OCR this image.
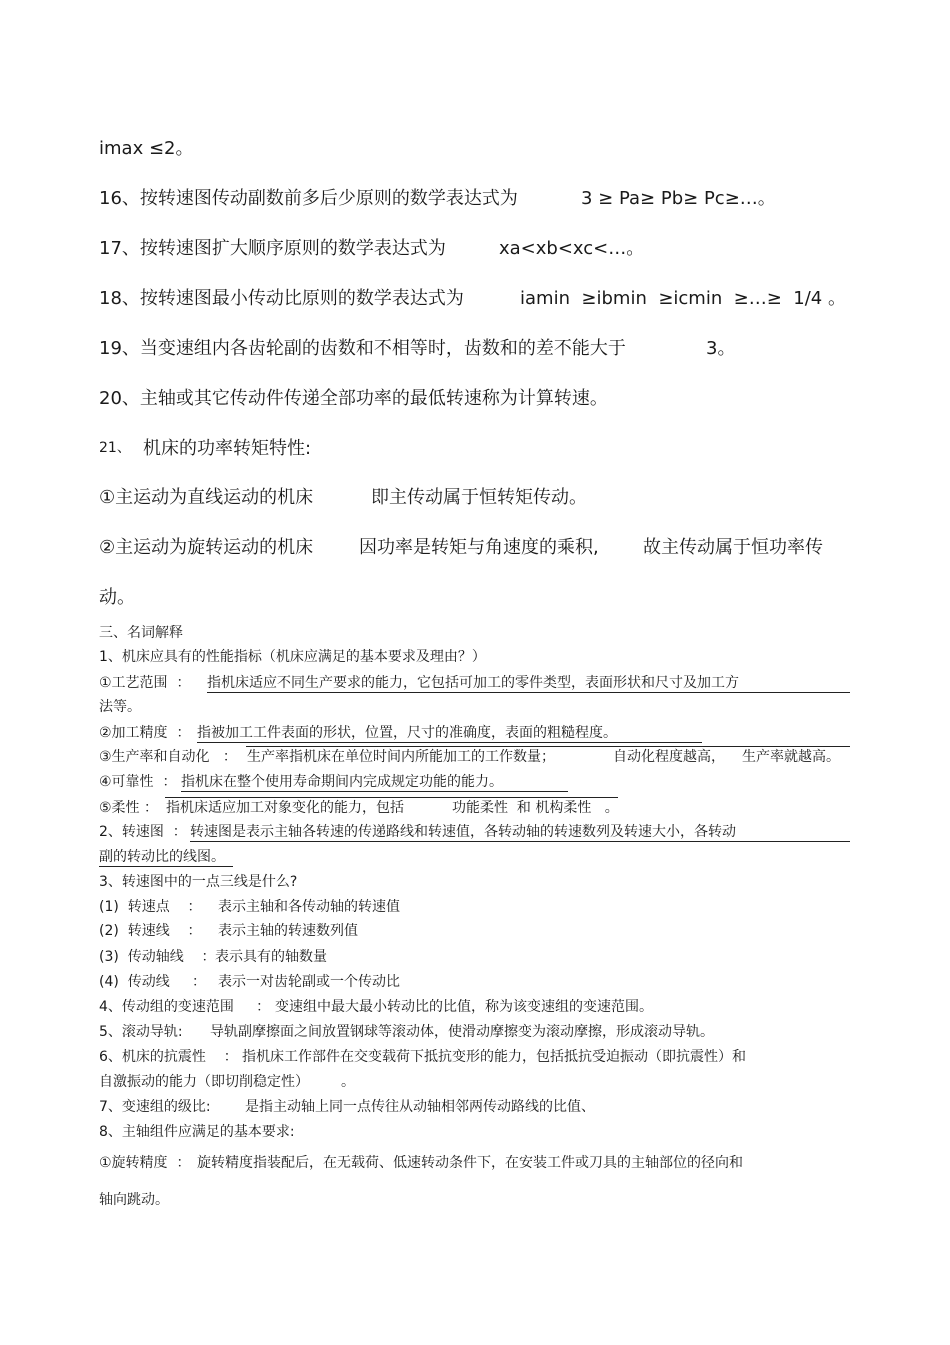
imax ≤2。
16、按转速图传动副数前多后少原则的数学表达式为	3 ≥ Pa≥ Pb≥ Pc≥…。
17、按转速图扩大顺序原则的数学表达式为	xa<xb<xc<…。
18、按转速图最小传动比原则的数学表达式为	iamin  ≥ibmin  ≥icmin  ≥…≥  1/4 。
19、当变速组内各齿轮副的齿数和不相等时，齿数和的差不能大于	3。
20、主轴或其它传动件传递全部功率的最低转速称为计算转速。
21、 机床的功率转矩特性:
①主运动为直线运动的机床	即主传动属于恒转矩传动。
②主运动为旋转运动的机床	因功率是转矩与角速度的乘积, 故主传动属于恒功率传
动。
三、名词解释
1、机床应具有的性能指标（机床应满足的基本要求及理由？）
①工艺范围  ： 指机床适应不同生产要求的能力，它包括可加工的零件类型，表面形状和尺寸及加工方
法等。
②加工精度  ： 指被加工工件表面的形状，位置，尺寸的准确度，表面的粗糙程度。
③生产率和自动化   ： 生产率指机床在单位时间内所能加工的工作数量；	自动化程度越高， 生产率就越高。
④可靠性  ： 指机床在整个使用寿命期间内完成规定功能的能力。
⑤柔性 ： 指机床适应加工对象变化的能力，包括	功能柔性  和 机构柔性   。
2、转速图  ： 转速图是表示主轴各转速的传递路线和转速值，各转动轴的转速数列及转速大小，各转动
副的转动比的线图。
3、转速图中的一点三线是什么?
(1)  转速点    ： 表示主轴和各传动轴的转速值
(2)  转速线    ： 表示主轴的转速数列值
(3)  传动轴线    ： 表示具有的轴数量
(4)  传动线     ： 表示一对齿轮副或一个传动比
4、传动组的变速范围     ： 变速组中最大最小转动比的比值，称为该变速组的变速范围。
5、滚动导轨: 导轨副摩擦面之间放置钢球等滚动体，使滑动摩擦变为滚动摩擦，形成滚动导轨。
6、机床的抗震性    ： 指机床工作部件在交变载荷下抵抗变形的能力，包括抵抗受迫振动（即抗震性）和
自激振动的能力（即切削稳定性） 。
7、变速组的级比: 是指主动轴上同一点传往从动轴相邻两传动路线的比值、
8、主轴组件应满足的基本要求:
①旋转精度  ： 旋转精度指装配后，在无载荷、低速转动条件下，在安装工件或刀具的主轴部位的径向和
轴向跳动。
